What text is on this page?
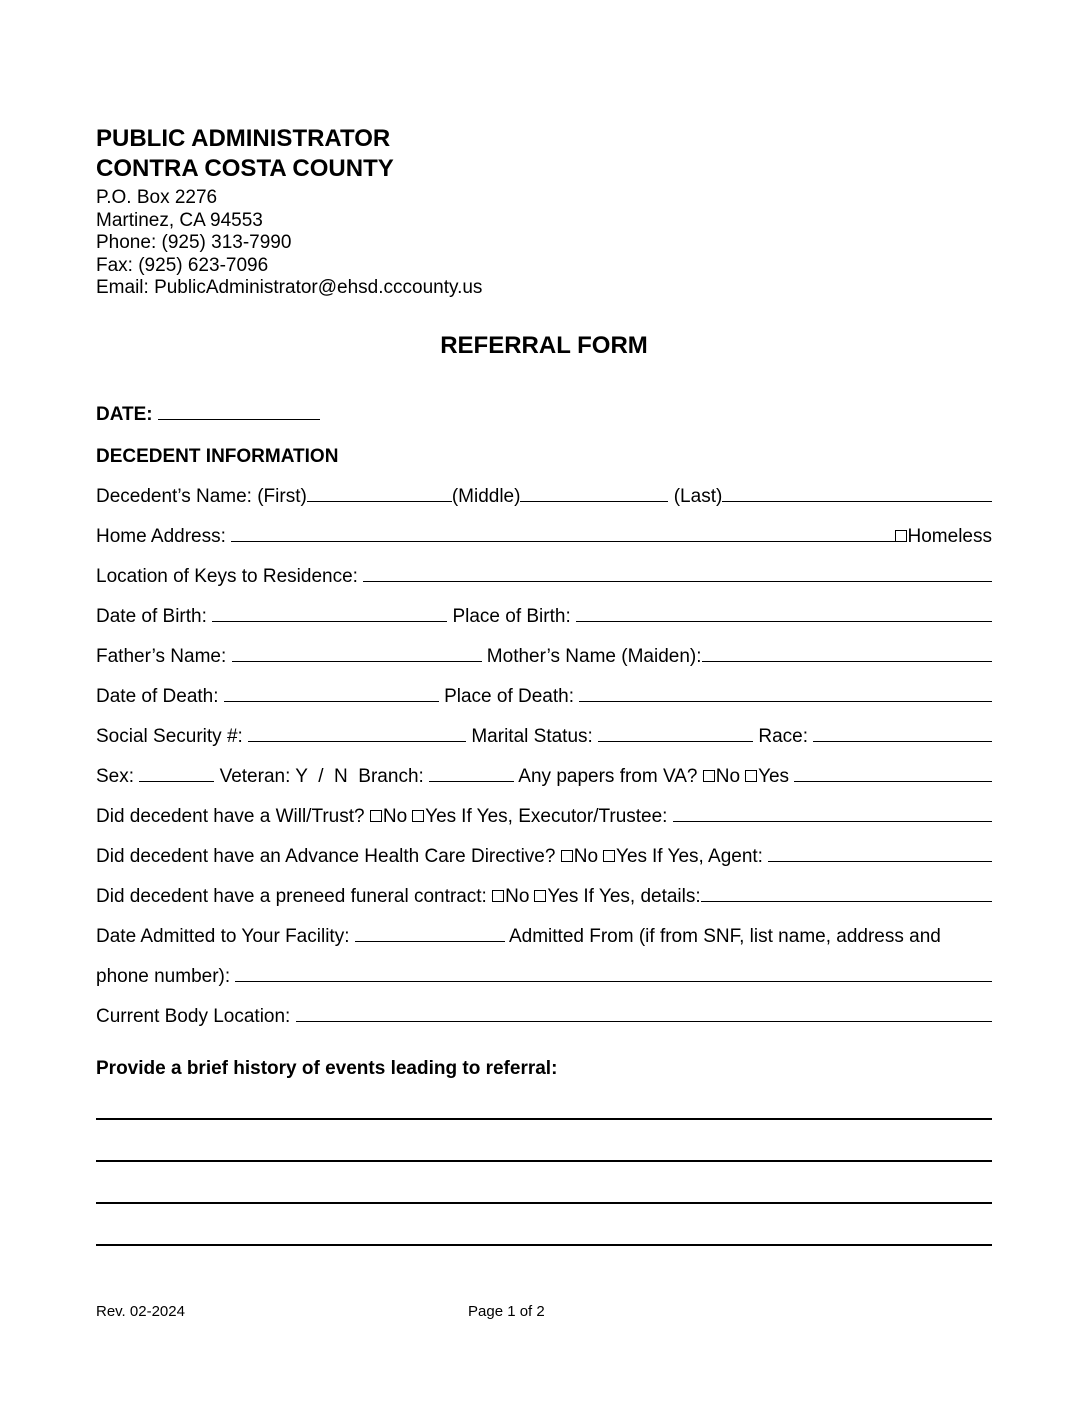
PUBLIC ADMINISTRATOR
CONTRA COSTA COUNTY
P.O. Box 2276
Martinez, CA 94553
Phone: (925) 313-7990
Fax: (925) 623-7096
Email: PublicAdministrator@ehsd.cccounty.us
REFERRAL FORM
DATE:
DECEDENT INFORMATION
Decedent’s Name: (First)	(Middle)	(Last)
Home Address:	Homeless
Location of Keys to Residence:
Date of Birth:	Place of Birth:
Father’s Name:	Mother’s Name (Maiden):
Date of Death:	Place of Death:
Social Security #:	Marital Status:	Race:
Sex:	Veteran: Y  /  N  Branch:	Any papers from VA? No Yes
Did decedent have a Will/Trust? No Yes If Yes, Executor/Trustee:
Did decedent have an Advance Health Care Directive? No Yes If Yes, Agent:
Did decedent have a preneed funeral contract: No Yes If Yes, details:
Date Admitted to Your Facility:	Admitted From (if from SNF, list name, address and
phone number):
Current Body Location:
Provide a brief history of events leading to referral:
Rev. 02-2024	Page 1 of 2
